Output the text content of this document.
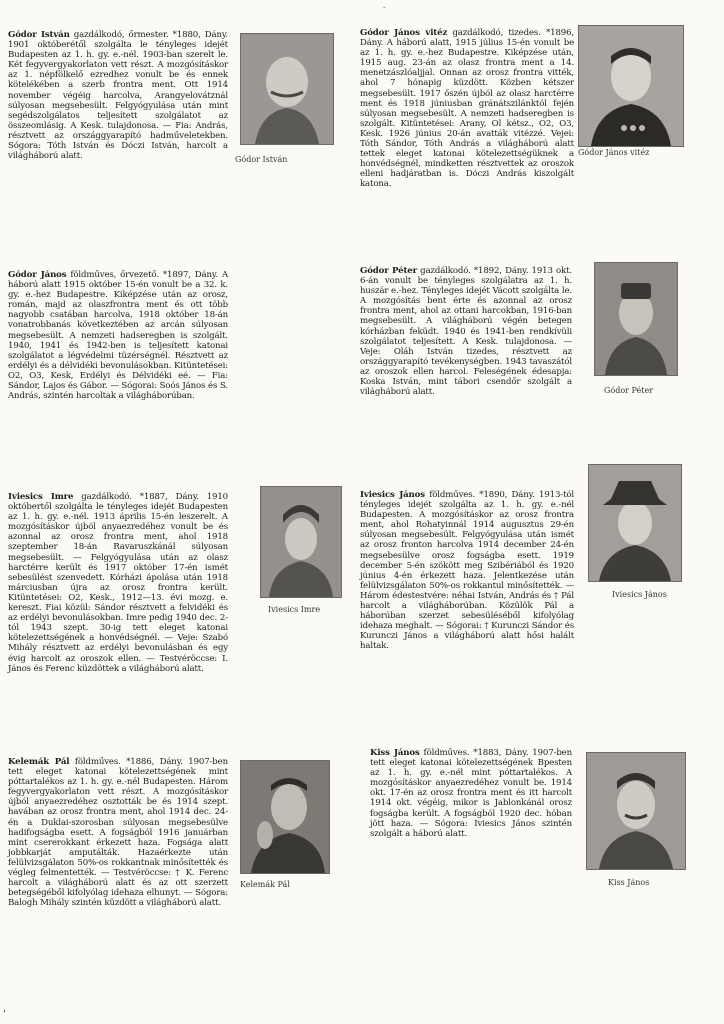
-
,
Gódor István gazdálkodó, őrmester. *1880, Dány. 1901 októberétől szolgálta le tényleges idejét Budapesten az 1. h. gy. e.-nél. 1903-ban szerelt le. Két fegyvergyakorlaton vett részt. A mozgósításkor az 1. népfölkelő ezredhez vonult be és ennek kötelékében a szerb frontra ment. Ott 1914 november végéig harcolva, Arangyelovátznál súlyosan megsebesült. Felgyógyulása után mint segédszolgálatos teljesített szolgálatot az összeomlásig. A Kesk. tulajdonosa. — Fia: András, résztvett az országgyarapító hadműveletekben. Sógora: Tóth István és Dóczi István, harcolt a világháború alatt.	Gódor István
Gódor János vitéz gazdálkodó, tizedes. *1896, Dány. A háború alatt, 1915 július 15-én vonult be az 1. h. gy. e.-hez Budapestre. Kiképzése után, 1915 aug. 23-án az olasz frontra ment a 14. menetzászlóaljjal. Onnan az orosz frontra vitték, ahol 7 hónapig küzdött. Közben kétszer megsebesült. 1917 őszén újból az olasz harctérre ment és 1918 júniusban gránátszilánktól fején súlyosan megsebesült. A nemzeti hadseregben is szolgált. Kitüntetései: Arany, Ol kétsz., O2, O3, Kesk. 1926 június 20-án avatták vitézzé. Vejei: Tóth Sándor, Tóth András a világháború alatt tettek eleget katonai kötelezettségüknek a honvédségnél, mindketten résztvettek az oroszok elleni hadjáratban is. Dóczi András kiszolgált katona.
Gódor János vitéz
Gódor János földműves, őrvezető. *1897, Dány. A háború alatt 1915 október 15-én vonult be a 32. k. gy. e.-hez Budapestre. Kiképzése után az orosz, román, majd az olaszfrontra ment és ott több nagyobb csatában harcolva, 1918 október 18-án vonatrobbanás következtében az arcán súlyosan megsebesült. A nemzeti hadseregben is szolgált. 1940, 1941 és 1942-ben is teljesített katonai szolgálatot a légvédelmi tüzérségnél. Résztvett az erdélyi és a délvidéki bevonulásokban. Kitüntetései: O2, O3, Kesk, Erdélyi és Délvidéki eé. — Fia: Sándor, Lajos és Gábor. — Sógorai: Soós János és S. András, szintén harcoltak a világháborúban.
Gódor Péter gazdálkodó. *1892, Dány. 1913 okt. 6-án vonult be tényleges szolgálatra az 1. h. huszár e.-hez. Tényleges idejét Vácott szolgálta le. A mozgósítás bent érte és azonnal az orosz frontra ment, ahol az ottani harcokban, 1916-ban megsebesült. A világháború végén betegen kórházban feküdt. 1940 és 1941-ben rendkívüli szolgálatot teljesített. A Kesk. tulajdonosa. — Veje: Oláh István tizedes, résztvett az országgyarapító tevékenységben. 1943 tavaszától az oroszok ellen harcol. Feleségének édesapja: Koska István, mint tábori csendőr szolgált a világháború alatt.	Gódor Péter
Iviesics Imre gazdálkodó. *1887, Dány. 1910 októbertől szolgálta le tényleges idejét Budapesten az 1. h. gy. e.-nél. 1913 április 15-én leszerelt. A mozgósításkor újból anyaezredéhez vonult be és azonnal az orosz frontra ment, ahol 1918 szeptember 18-án Ravaruszkánál súlyosan megsebesült. — Felgyógyulása után az olasz harctérre került és 1917 október 17-én ismét sebesülést szenvedett. Kórházi ápolása után 1918 márciusban újra az orosz frontra került. Kitüntetései: O2, Kesk., 1912—13. évi mozg. e. kereszt. Fiai közül: Sándor résztvett a felvidéki és az erdélyi bevonulásokban. Imre pedig 1940 dec. 2-tól 1943 szept. 30-ig tett eleget katonai kötelezettségének a honvédségnél. — Veje: Szabó Mihály résztvett az erdélyi bevonulásban és egy évig harcolt az oroszok ellen. — Testvéröccse: I. János és Ferenc küzdöttek a világháború alatt.
Iviesics Imre
Iviesics János földműves. *1890, Dány. 1913-tól tényleges idejét szolgálta az 1. h. gy. e.-nél Budapesten. A mozgósításkor az orosz frontra ment, ahol Rohatyinnál 1914 augusztus 29-én súlyosan megsebesült. Felgyógyulása után ismét az orosz fronton harcolva 1914 december 24-én megsebesülve orosz fogságba esett. 1919 december 5-én szökött meg Szibériából és 1920 június 4-én érkezett haza. Jelentkezése után felülvizsgálaton 50%-os rokkantul minősítették. — Három édestestvére: néhai István, András és † Pál harcolt a világháborúban. Közülök Pál a háborúban szerzet sebesüléséből kifolyólag idehaza meghalt. — Sógorai: † Kurunczi Sándor és Kurunczi János a világháború alatt hősi halált haltak.
Iviesics János
Kelemák Pál földműves. *1886, Dány. 1907-ben tett eleget katonai kötelezettségének mint póttartalékos az 1. h. gy. e.-nél Budapesten. Három fegyvergyakorlaton vett részt. A mozgósításkor újból anyaezredéhez osztották be és 1914 szept. havában az orosz frontra ment, ahol 1914 dec. 24-én a Duklai-szorosban súlyosan megsebesülve hadifogságba esett. A fogságból 1916 januárban mint csererokkant érkezett haza. Fogsága alatt jobbkarját amputálták. Hazaérkezte után felülvizsgálaton 50%-os rokkantnak minősítették és végleg felmentették. — Testvéröccse: † K. Ferenc harcolt a világháború alatt és az ott szerzett betegségéből kifolyólag idehaza elhunyt. — Sógora: Balogh Mihály szintén küzdött a világháború alatt.
Kelemák Pál
Kiss János földműves. *1883, Dány. 1907-ben tett eleget katonai kötelezettségének Bpesten az 1. h. gy. e.-nél mint póttartalékos. A mozgósításkor anyaezredéhez vonult be. 1914 okt. 17-én az orosz frontra ment és itt harcolt 1914 okt. végéig, mikor is Jablonkánál orosz fogságba került. A fogságból 1920 dec. hóban jött haza. — Sógora: Iviesics János szintén szolgált a háború alatt.
Kiss János
